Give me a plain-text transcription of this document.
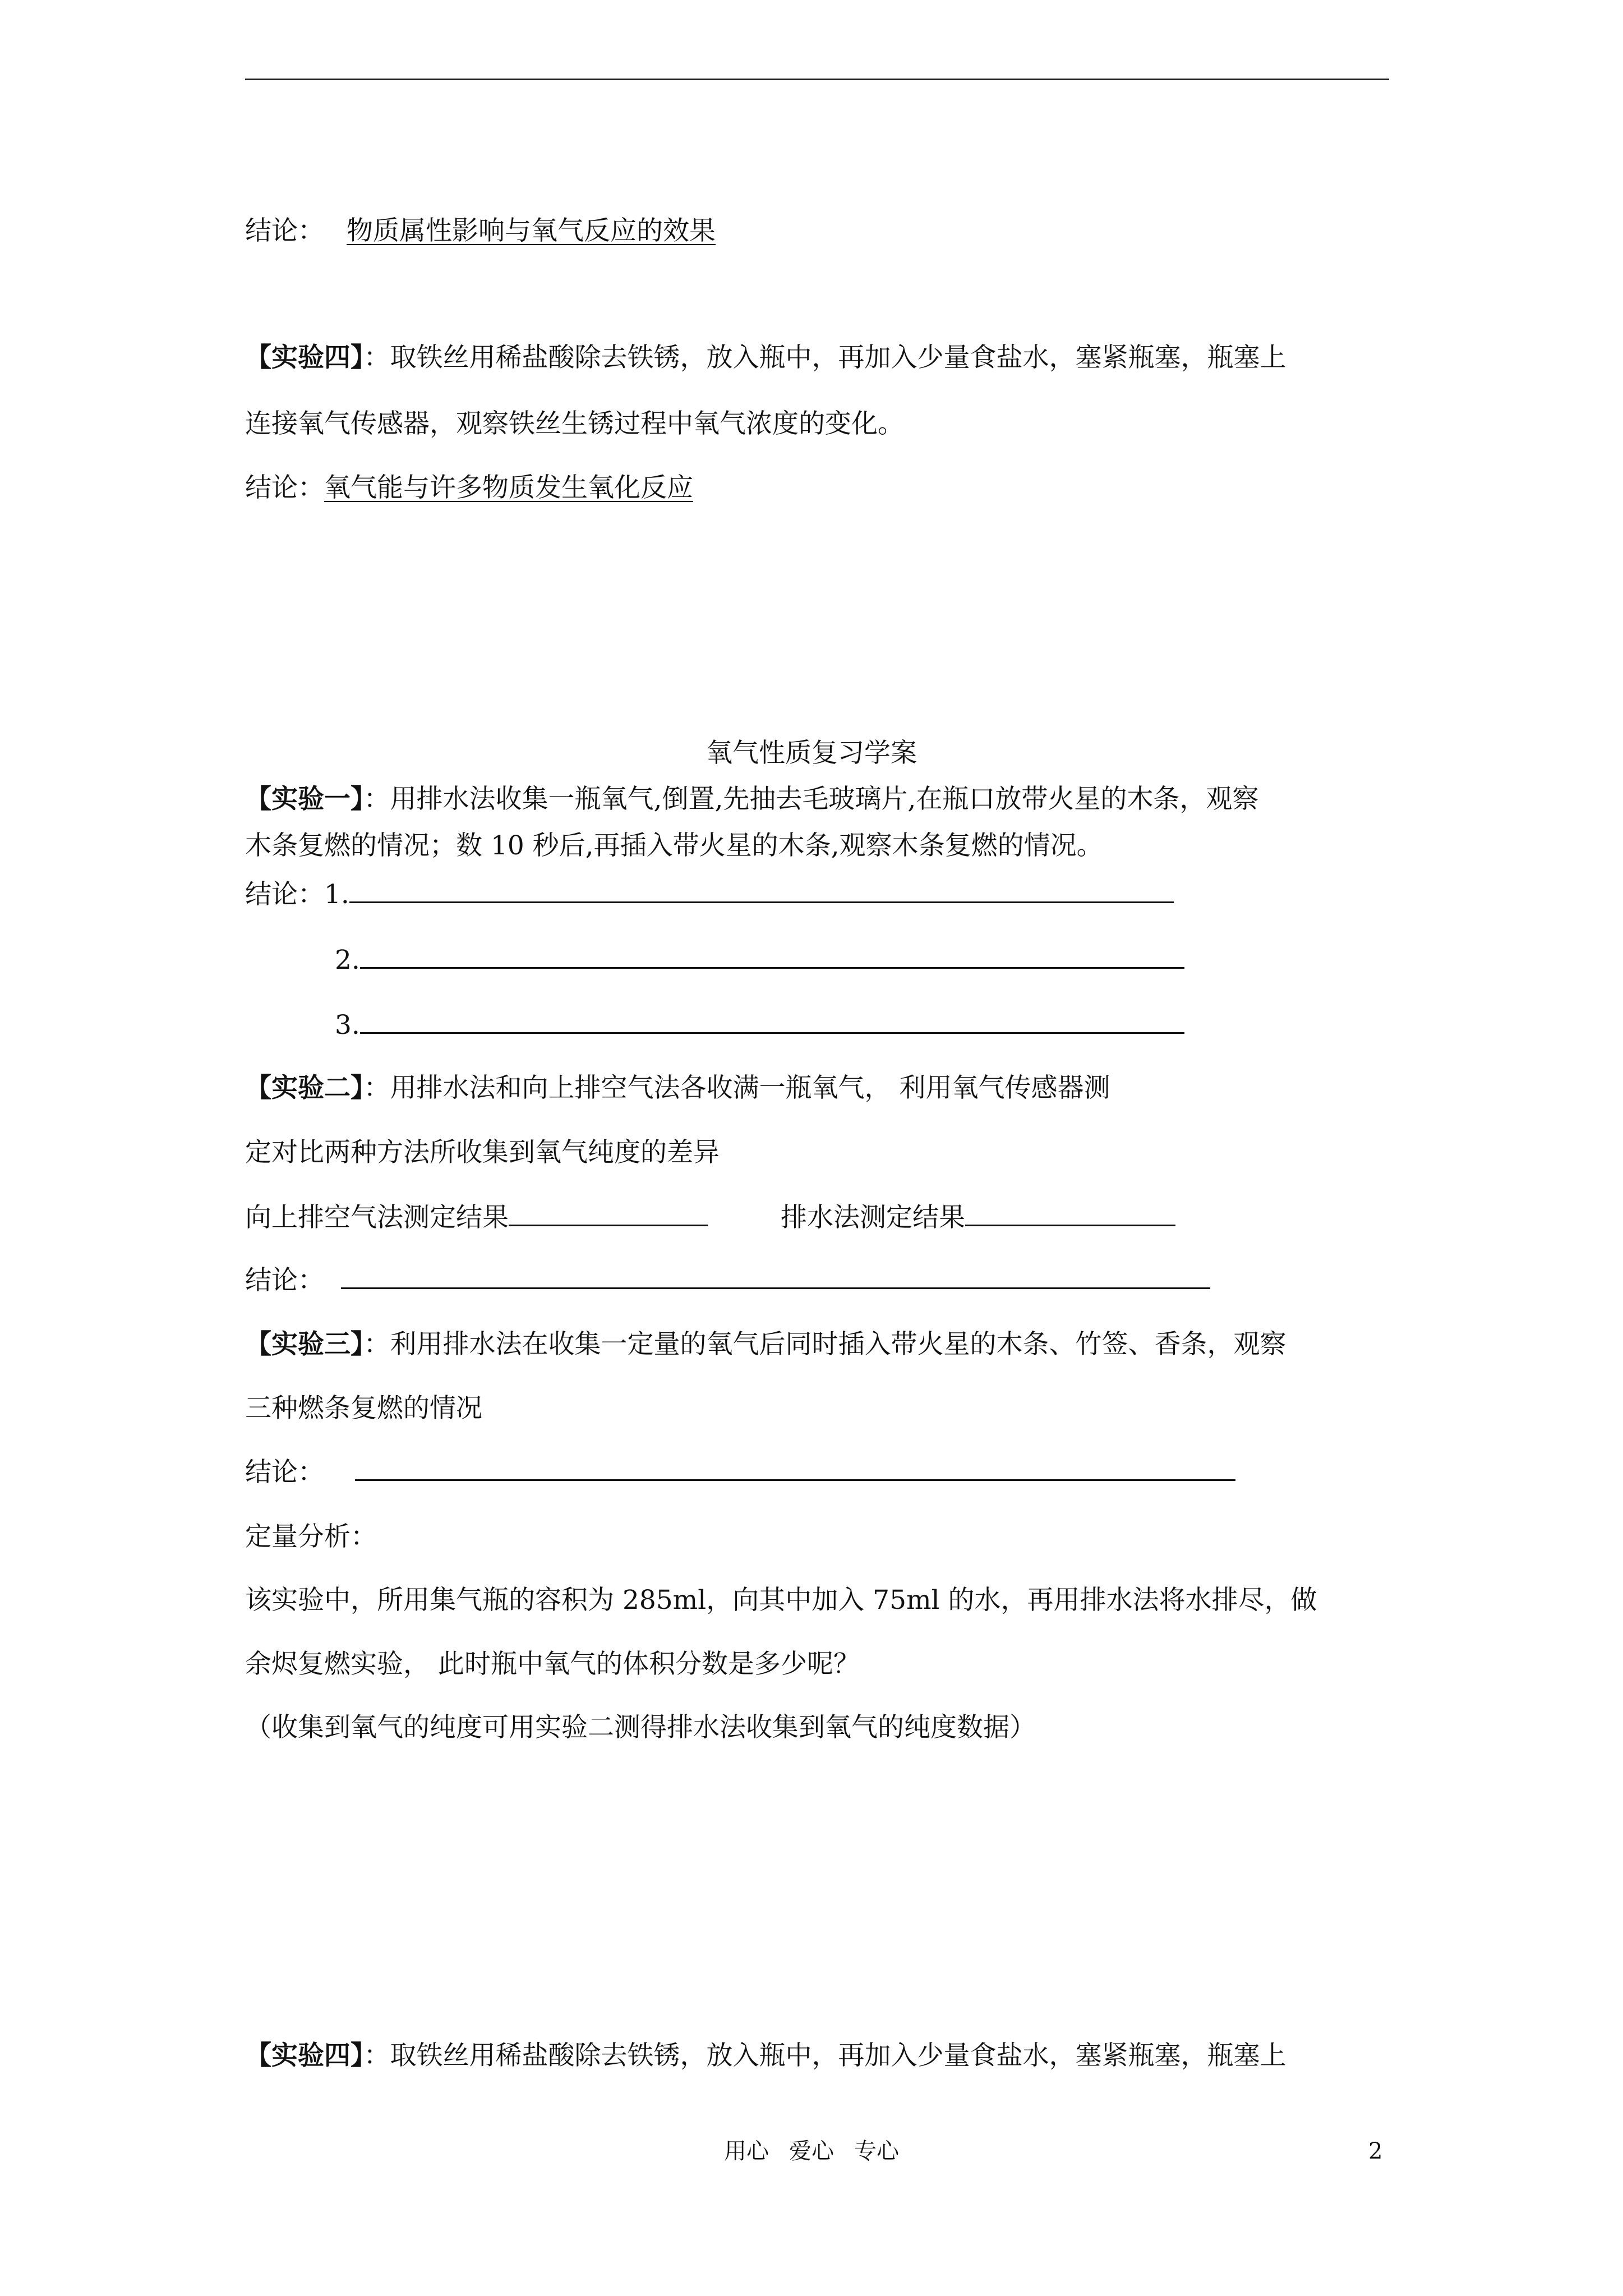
结论： 物质属性影响与氧气反应的效果
【实验四】：取铁丝用稀盐酸除去铁锈，放入瓶中，再加入少量食盐水，塞紧瓶塞，瓶塞上
连接氧气传感器，观察铁丝生锈过程中氧气浓度的变化。
结论：氧气能与许多物质发生氧化反应
氧气性质复习学案
【实验一】：用排水法收集一瓶氧气,倒置,先抽去毛玻璃片,在瓶口放带火星的木条，观察
木条复燃的情况；数 10 秒后,再插入带火星的木条,观察木条复燃的情况。
结论：1.
2.
3.
【实验二】：用排水法和向上排空气法各收满一瓶氧气， 利用氧气传感器测
定对比两种方法所收集到氧气纯度的差异
向上排空气法测定结果	排水法测定结果
结论：
【实验三】：利用排水法在收集一定量的氧气后同时插入带火星的木条、竹签、香条，观察
三种燃条复燃的情况
结论：
定量分析：
该实验中，所用集气瓶的容积为 285ml，向其中加入 75ml 的水，再用排水法将水排尽，做
余烬复燃实验， 此时瓶中氧气的体积分数是多少呢？
（收集到氧气的纯度可用实验二测得排水法收集到氧气的纯度数据）
【实验四】：取铁丝用稀盐酸除去铁锈，放入瓶中，再加入少量食盐水，塞紧瓶塞，瓶塞上
用心 爱心 专心	2
